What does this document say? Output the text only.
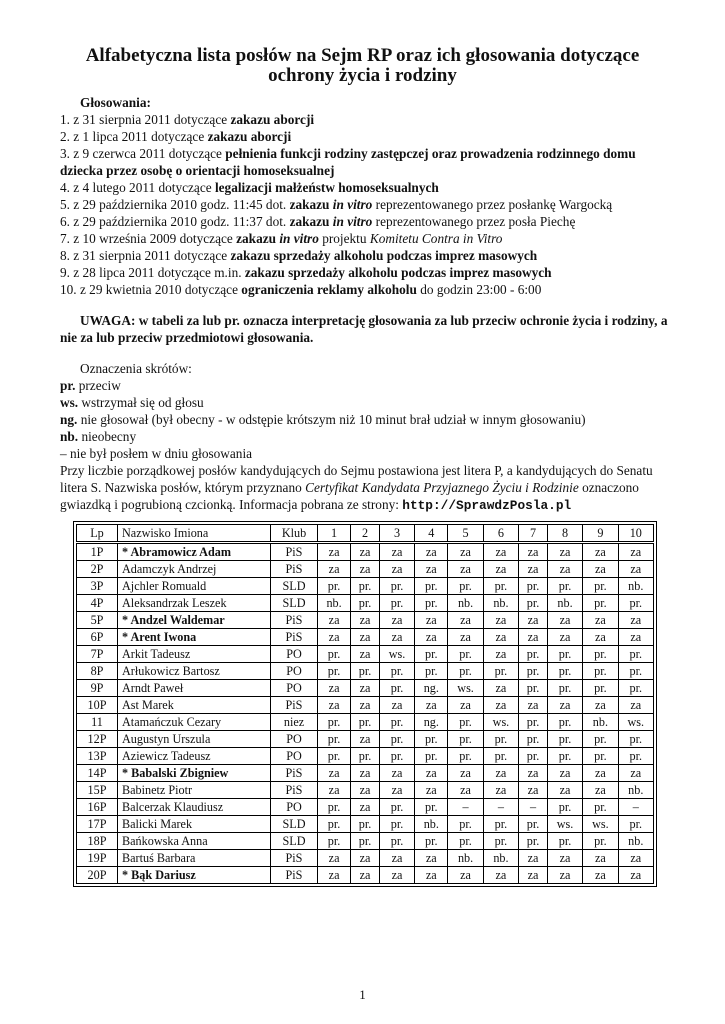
Alfabetyczna lista posłów na Sejm RP oraz ich głosowania dotyczące
ochrony życia i rodziny

Głosowania:

1. z 31 sierpnia 2011 dotyczące zakazu aborcji

2. z 1 lipca 2011 dotyczące zakazu aborcji

3. z 9 czerwca 2011 dotyczące pełnienia funkcji rodziny zastępczej oraz prowadzenia rodzinnego domu dziecka przez osobę o orientacji homoseksualnej

4. z 4 lutego 2011 dotyczące legalizacji małżeństw homoseksualnych

5. z 29 października 2010 godz. 11:45 dot. zakazu in vitro reprezentowanego przez posłankę Wargocką

6. z 29 października 2010 godz. 11:37 dot. zakazu in vitro reprezentowanego przez posła Piechę

7. z 10 września 2009 dotyczące zakazu in vitro projektu Komitetu Contra in Vitro

8. z 31 sierpnia 2011 dotyczące zakazu sprzedaży alkoholu podczas imprez masowych

9. z 28 lipca 2011 dotyczące m.in. zakazu sprzedaży alkoholu podczas imprez masowych

10. z 29 kwietnia 2010 dotyczące ograniczenia reklamy alkoholu do godzin 23:00 - 6:00

UWAGA: w tabeli za lub pr. oznacza interpretację głosowania za lub przeciw ochronie życia i rodziny, a nie za lub przeciw przedmiotowi głosowania.

Oznaczenia skrótów:

pr. przeciw

ws. wstrzymał się od głosu

ng. nie głosował (był obecny - w odstępie krótszym niż 10 minut brał udział w innym głosowaniu)

nb. nieobecny

– nie był posłem w dniu głosowania

Przy liczbie porządkowej posłów kandydujących do Sejmu postawiona jest litera P, a kandydujących do Senatu litera S. Nazwiska posłów, którym przyznano Certyfikat Kandydata Przyjaznego Życiu i Rodzinie oznaczono gwiazdką i pogrubioną czcionką. Informacja pobrana ze strony: http://SprawdzPosla.pl

Lp	Nazwisko Imiona	Klub	1	2	3	4	5	6	7	8	9	10
1P	* Abramowicz Adam	PiS	za	za	za	za	za	za	za	za	za	za
2P	Adamczyk Andrzej	PiS	za	za	za	za	za	za	za	za	za	za
3P	Ajchler Romuald	SLD	pr.	pr.	pr.	pr.	pr.	pr.	pr.	pr.	pr.	nb.
4P	Aleksandrzak Leszek	SLD	nb.	pr.	pr.	pr.	nb.	nb.	pr.	nb.	pr.	pr.
5P	* Andzel Waldemar	PiS	za	za	za	za	za	za	za	za	za	za
6P	* Arent Iwona	PiS	za	za	za	za	za	za	za	za	za	za
7P	Arkit Tadeusz	PO	pr.	za	ws.	pr.	pr.	za	pr.	pr.	pr.	pr.
8P	Arłukowicz Bartosz	PO	pr.	pr.	pr.	pr.	pr.	pr.	pr.	pr.	pr.	pr.
9P	Arndt Paweł	PO	za	za	pr.	ng.	ws.	za	pr.	pr.	pr.	pr.
10P	Ast Marek	PiS	za	za	za	za	za	za	za	za	za	za
11	Atamańczuk Cezary	niez	pr.	pr.	pr.	ng.	pr.	ws.	pr.	pr.	nb.	ws.
12P	Augustyn Urszula	PO	pr.	za	pr.	pr.	pr.	pr.	pr.	pr.	pr.	pr.
13P	Aziewicz Tadeusz	PO	pr.	pr.	pr.	pr.	pr.	pr.	pr.	pr.	pr.	pr.
14P	* Babalski Zbigniew	PiS	za	za	za	za	za	za	za	za	za	za
15P	Babinetz Piotr	PiS	za	za	za	za	za	za	za	za	za	nb.
16P	Balcerzak Klaudiusz	PO	pr.	za	pr.	pr.	–	–	–	pr.	pr.	–
17P	Balicki Marek	SLD	pr.	pr.	pr.	nb.	pr.	pr.	pr.	ws.	ws.	pr.
18P	Bańkowska Anna	SLD	pr.	pr.	pr.	pr.	pr.	pr.	pr.	pr.	pr.	nb.
19P	Bartuś Barbara	PiS	za	za	za	za	nb.	nb.	za	za	za	za
20P	* Bąk Dariusz	PiS	za	za	za	za	za	za	za	za	za	za
1
